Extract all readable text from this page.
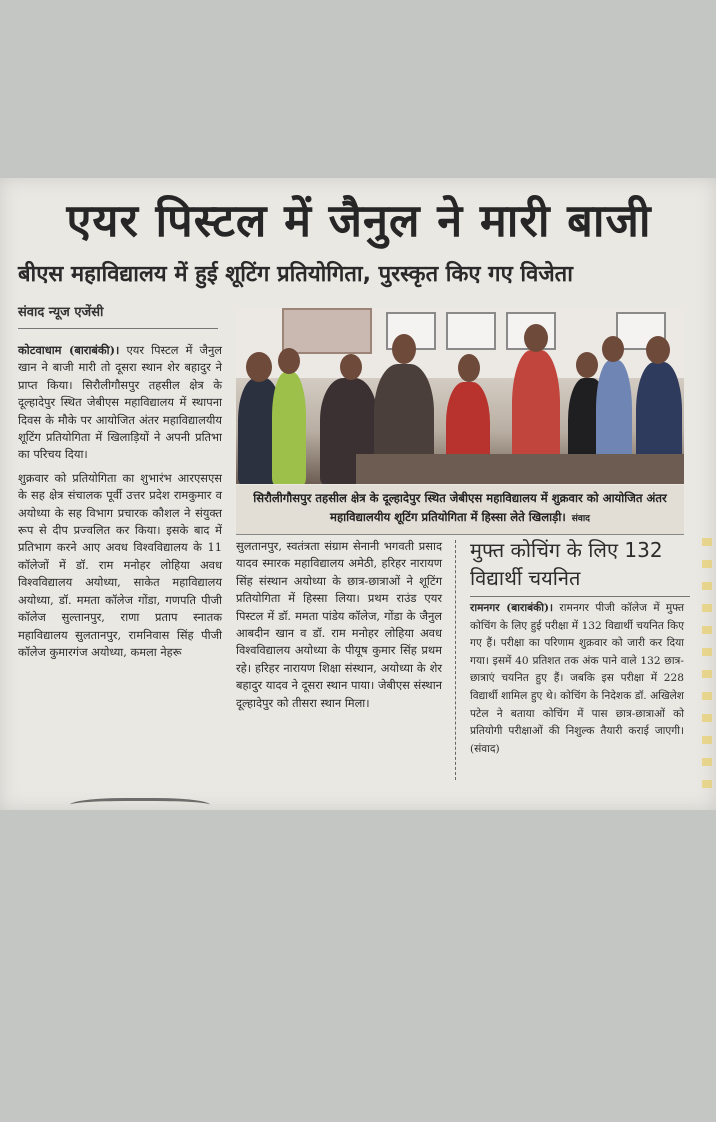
एयर पिस्टल में जैनुल ने मारी बाजी
बीएस महाविद्यालय में हुई शूटिंग प्रतियोगिता, पुरस्कृत किए गए विजेता
संवाद न्यूज एजेंसी
सिरौलीगौसपुर तहसील क्षेत्र के दूल्हादेपुर स्थित जेबीएस महाविद्यालय में शुक्रवार को आयोजित अंतर महाविद्यालयीय शूटिंग प्रतियोगिता में हिस्सा लेते खिलाड़ी। संवाद

कोटवाधाम (बाराबंकी)। एयर पिस्टल में जैनुल खान ने बाजी मारी तो दूसरा स्थान शेर बहादुर ने प्राप्त किया। सिरौलीगौसपुर तहसील क्षेत्र के दूल्हादेपुर स्थित जेबीएस महाविद्यालय में स्थापना दिवस के मौके पर आयोजित अंतर महाविद्यालयीय शूटिंग प्रतियोगिता में खिलाड़ियों ने अपनी प्रतिभा का परिचय दिया।

शुक्रवार को प्रतियोगिता का शुभारंभ आरएसएस के सह क्षेत्र संचालक पूर्वी उत्तर प्रदेश रामकुमार व अयोध्या के सह विभाग प्रचारक कौशल ने संयुक्त रूप से दीप प्रज्वलित कर किया। इसके बाद में प्रतिभाग करने आए अवध विश्वविद्यालय के 11 कॉलेजों में डॉ. राम मनोहर लोहिया अवध विश्वविद्यालय अयोध्या, साकेत महाविद्यालय अयोध्या, डॉ. ममता कॉलेज गोंडा, गणपति पीजी कॉलेज सुल्तानपुर, राणा प्रताप स्नातक महाविद्यालय सुलतानपुर, रामनिवास सिंह पीजी कॉलेज कुमारगंज अयोध्या, कमला नेहरू

सुलतानपुर, स्वतंत्रता संग्राम सेनानी भगवती प्रसाद यादव स्मारक महाविद्यालय अमेठी, हरिहर नारायण सिंह संस्थान अयोध्या के छात्र-छात्राओं ने शूटिंग प्रतियोगिता में हिस्सा लिया। प्रथम राउंड एयर पिस्टल में डॉ. ममता पांडेय कॉलेज, गोंडा के जैनुल आबदीन खान व डॉ. राम मनोहर लोहिया अवध विश्वविद्यालय अयोध्या के पीयूष कुमार सिंह प्रथम रहे। हरिहर नारायण शिक्षा संस्थान, अयोध्या के शेर बहादुर यादव ने दूसरा स्थान पाया। जेबीएस संस्थान दूल्हादेपुर को तीसरा स्थान मिला।

मुफ्त कोचिंग के लिए 132 विद्यार्थी चयनित

रामनगर (बाराबंकी)। रामनगर पीजी कॉलेज में मुफ्त कोचिंग के लिए हुई परीक्षा में 132 विद्यार्थी चयनित किए गए हैं। परीक्षा का परिणाम शुक्रवार को जारी कर दिया गया। इसमें 40 प्रतिशत तक अंक पाने वाले 132 छात्र-छात्राएं चयनित हुए हैं। जबकि इस परीक्षा में 228 विद्यार्थी शामिल हुए थे। कोचिंग के निदेशक डॉ. अखिलेश पटेल ने बताया कोचिंग में पास छात्र-छात्राओं को प्रतियोगी परीक्षाओं की निशुल्क तैयारी कराई जाएगी। (संवाद)
